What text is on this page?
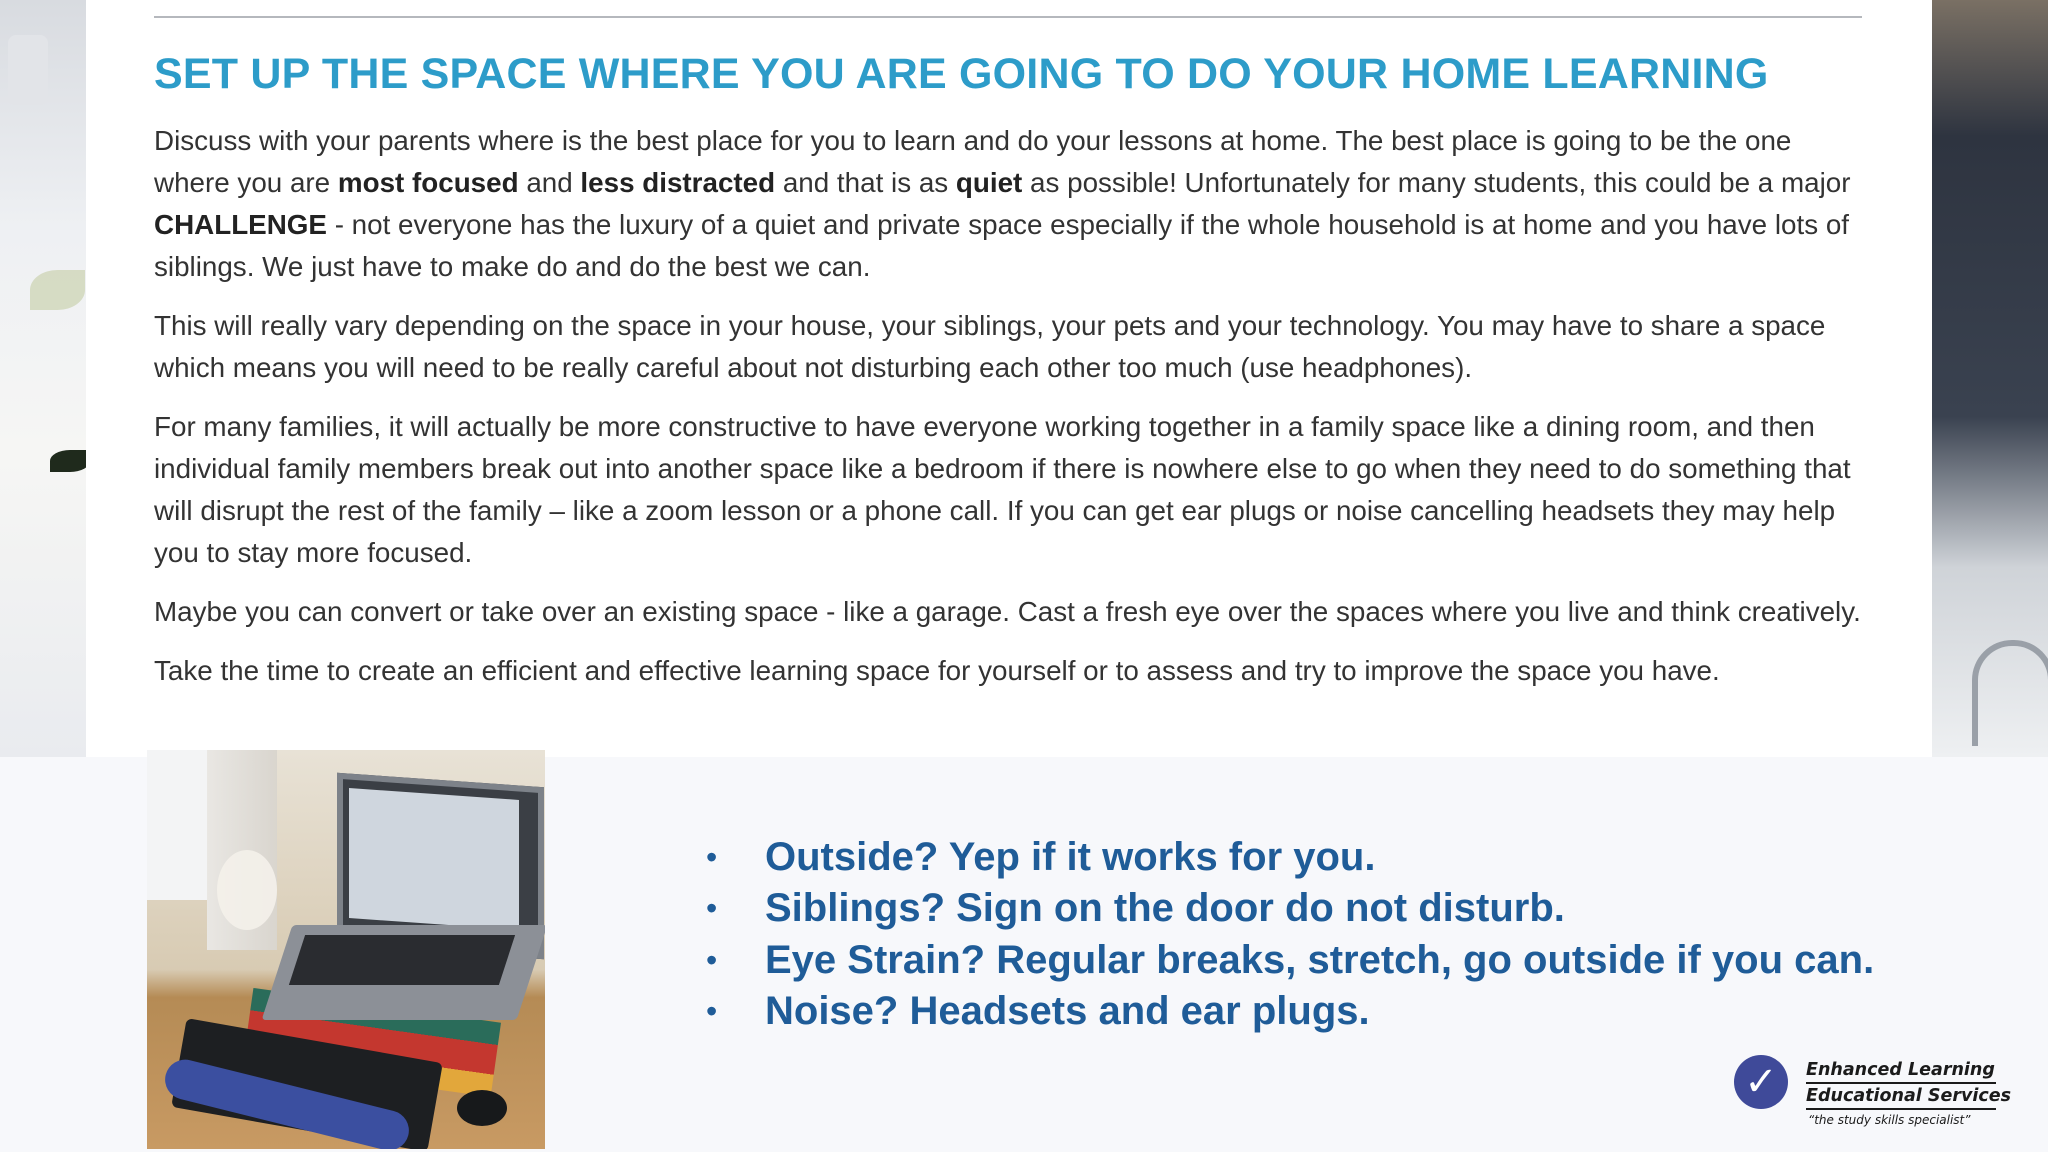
SET UP THE SPACE WHERE YOU ARE GOING TO DO YOUR HOME LEARNING

Discuss with your parents where is the best place for you to learn and do your lessons at home. The best place is going to be the one where you are most focused and less distracted and that is as quiet as possible! Unfortunately for many students, this could be a major CHALLENGE - not everyone has the luxury of a quiet and private space especially if the whole household is at home and you have lots of siblings. We just have to make do and do the best we can.

This will really vary depending on the space in your house, your siblings, your pets and your technology. You may have to share a space which means you will need to be really careful about not disturbing each other too much (use headphones).

For many families, it will actually be more constructive to have everyone working together in a family space like a dining room, and then individual family members break out into another space like a bedroom if there is nowhere else to go when they need to do something that will disrupt the rest of the family – like a zoom lesson or a phone call. If you can get ear plugs or noise cancelling headsets they may help you to stay more focused.

Maybe you can convert or take over an existing space - like a garage. Cast a fresh eye over the spaces where you live and think creatively.

Take the time to create an efficient and effective learning space for yourself or to assess and try to improve the space you have.

• Outside? Yep if it works for you.
• Siblings? Sign on the door do not disturb.
• Eye Strain? Regular breaks, stretch, go outside if you can.
• Noise? Headsets and ear plugs.
✓	Enhanced Learning
Educational Services
“the study skills specialist”
